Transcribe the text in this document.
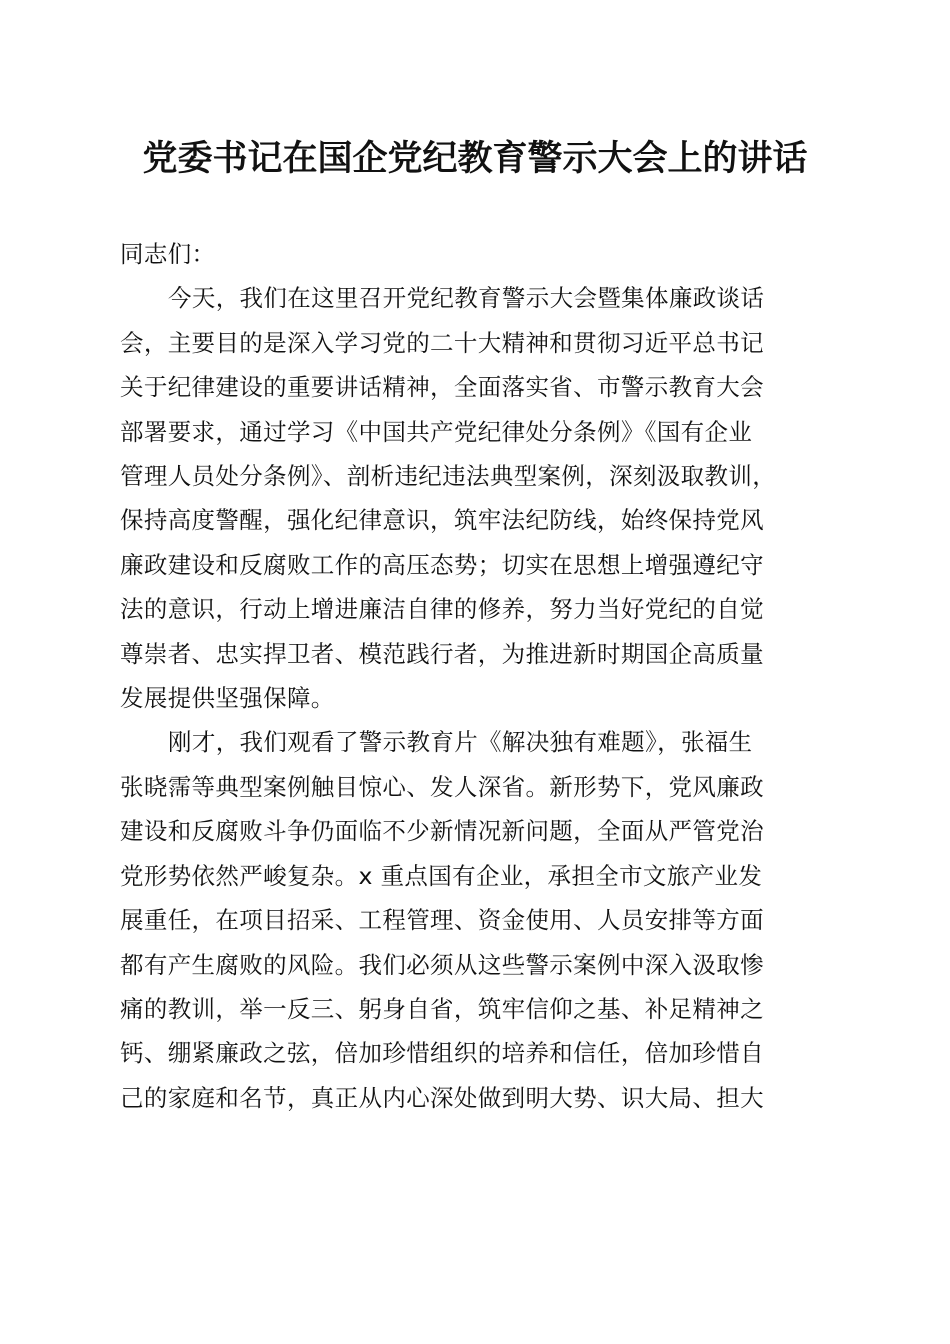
党委书记在国企党纪教育警示大会上的讲话

同志们：

今天，我们在这里召开党纪教育警示大会暨集体廉政谈话
会，主要目的是深入学习党的二十大精神和贯彻习近平总书记
关于纪律建设的重要讲话精神，全面落实省、市警示教育大会
部署要求，通过学习《中国共产党纪律处分条例》《国有企业
管理人员处分条例》、剖析违纪违法典型案例，深刻汲取教训，
保持高度警醒，强化纪律意识，筑牢法纪防线，始终保持党风
廉政建设和反腐败工作的高压态势；切实在思想上增强遵纪守
法的意识，行动上增进廉洁自律的修养，努力当好党纪的自觉
尊崇者、忠实捍卫者、模范践行者，为推进新时期国企高质量
发展提供坚强保障。
刚才，我们观看了警示教育片《解决独有难题》，张福生
张晓霈等典型案例触目惊心、发人深省。新形势下，党风廉政
建设和反腐败斗争仍面临不少新情况新问题，全面从严管党治
党形势依然严峻复杂。x 重点国有企业，承担全市文旅产业发
展重任，在项目招采、工程管理、资金使用、人员安排等方面
都有产生腐败的风险。我们必须从这些警示案例中深入汲取惨
痛的教训，举一反三、躬身自省，筑牢信仰之基、补足精神之
钙、绷紧廉政之弦，倍加珍惜组织的培养和信任，倍加珍惜自
己的家庭和名节，真正从内心深处做到明大势、识大局、担大
